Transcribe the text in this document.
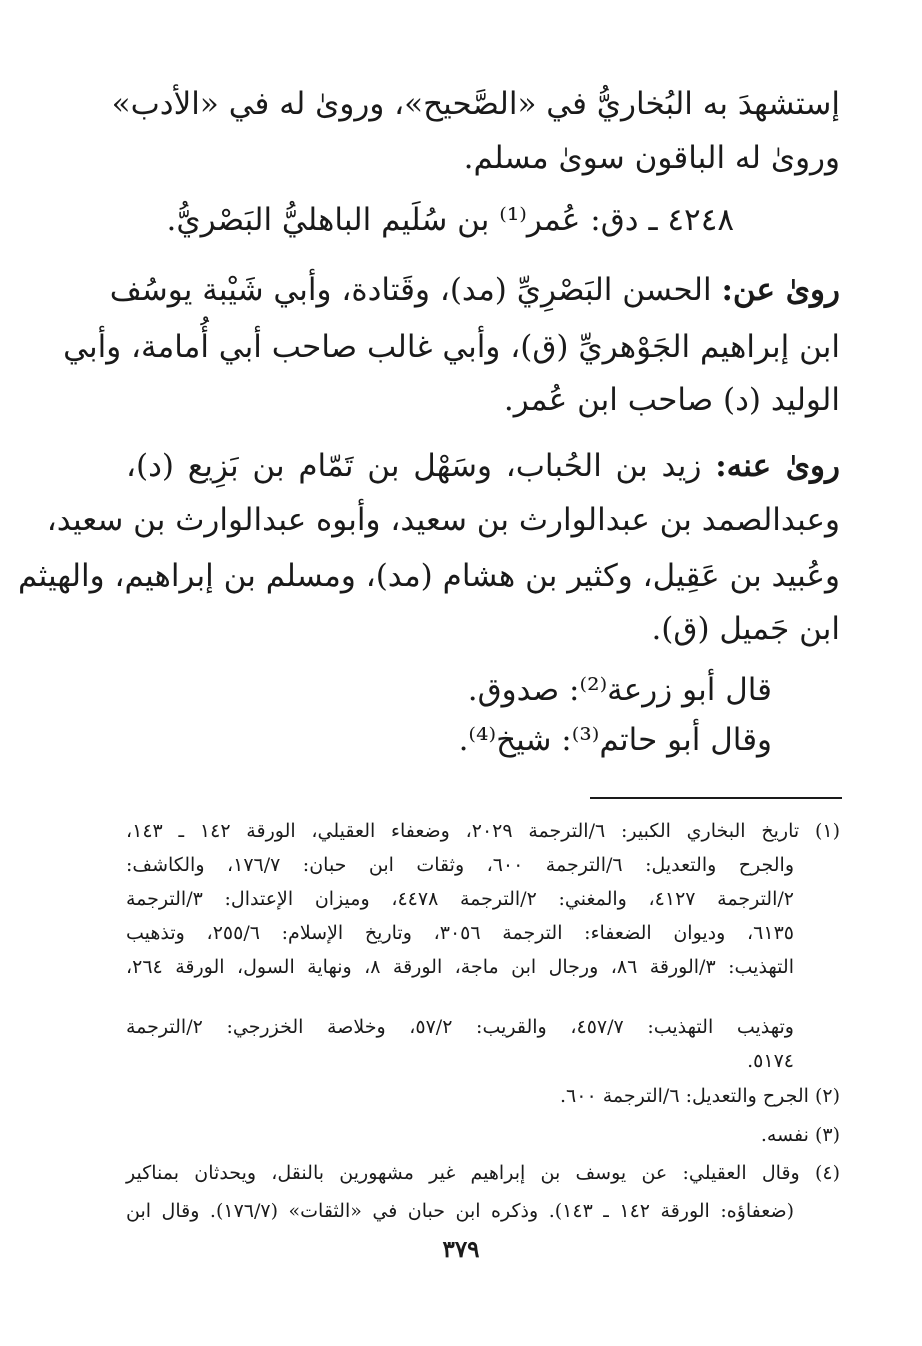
إستشهدَ به البُخاريُّ في «الصَّحيح»، وروىٰ له في «الأدب»
وروىٰ له الباقون سوىٰ مسلم.
٤٢٤٨ ـ دق: عُمر⁽¹⁾ بن سُلَيم الباهليُّ البَصْريُّ.
روىٰ عن: الحسن البَصْرِيِّ (مد)، وقَتادة، وأبي شَيْبة يوسُف
ابن إبراهيم الجَوْهريِّ (ق)، وأبي غالب صاحب أبي أُمامة، وأبي
الوليد (د) صاحب ابن عُمر.
روىٰ عنه: زيد بن الحُباب، وسَهْل بن تَمّام بن بَزِيع (د)،
وعبدالصمد بن عبدالوارث بن سعيد، وأبوه عبدالوارث بن سعيد،
وعُبيد بن عَقِيل، وكثير بن هشام (مد)، ومسلم بن إبراهيم، والهيثم
ابن جَميل (ق).
قال أبو زرعة⁽²⁾: صدوق.
وقال أبو حاتم⁽³⁾: شيخ⁽⁴⁾.
(١) تاريخ البخاري الكبير: ٦/الترجمة ٢٠٢٩، وضعفاء العقيلي، الورقة ١٤٢ ـ ١٤٣،
والجرح والتعديل: ٦/الترجمة ٦٠٠، وثقات ابن حبان: ١٧٦/٧، والكاشف:
٢/الترجمة ٤١٢٧، والمغني: ٢/الترجمة ٤٤٧٨، وميزان الإعتدال: ٣/الترجمة
٦١٣٥، وديوان الضعفاء: الترجمة ٣٠٥٦، وتاريخ الإسلام: ٢٥٥/٦، وتذهيب
التهذيب: ٣/الورقة ٨٦، ورجال ابن ماجة، الورقة ٨، ونهاية السول، الورقة ٢٦٤،
وتهذيب التهذيب: ٤٥٧/٧، والقريب: ٥٧/٢، وخلاصة الخزرجي: ٢/الترجمة
٥١٧٤.
(٢) الجرح والتعديل: ٦/الترجمة ٦٠٠.
(٣) نفسه.
(٤) وقال العقيلي: عن يوسف بن إبراهيم غير مشهورين بالنقل، ويحدثان بمناكير
(ضعفاؤه: الورقة ١٤٢ ـ ١٤٣). وذكره ابن حبان في «الثقات» (١٧٦/٧). وقال ابن
٣٧٩
